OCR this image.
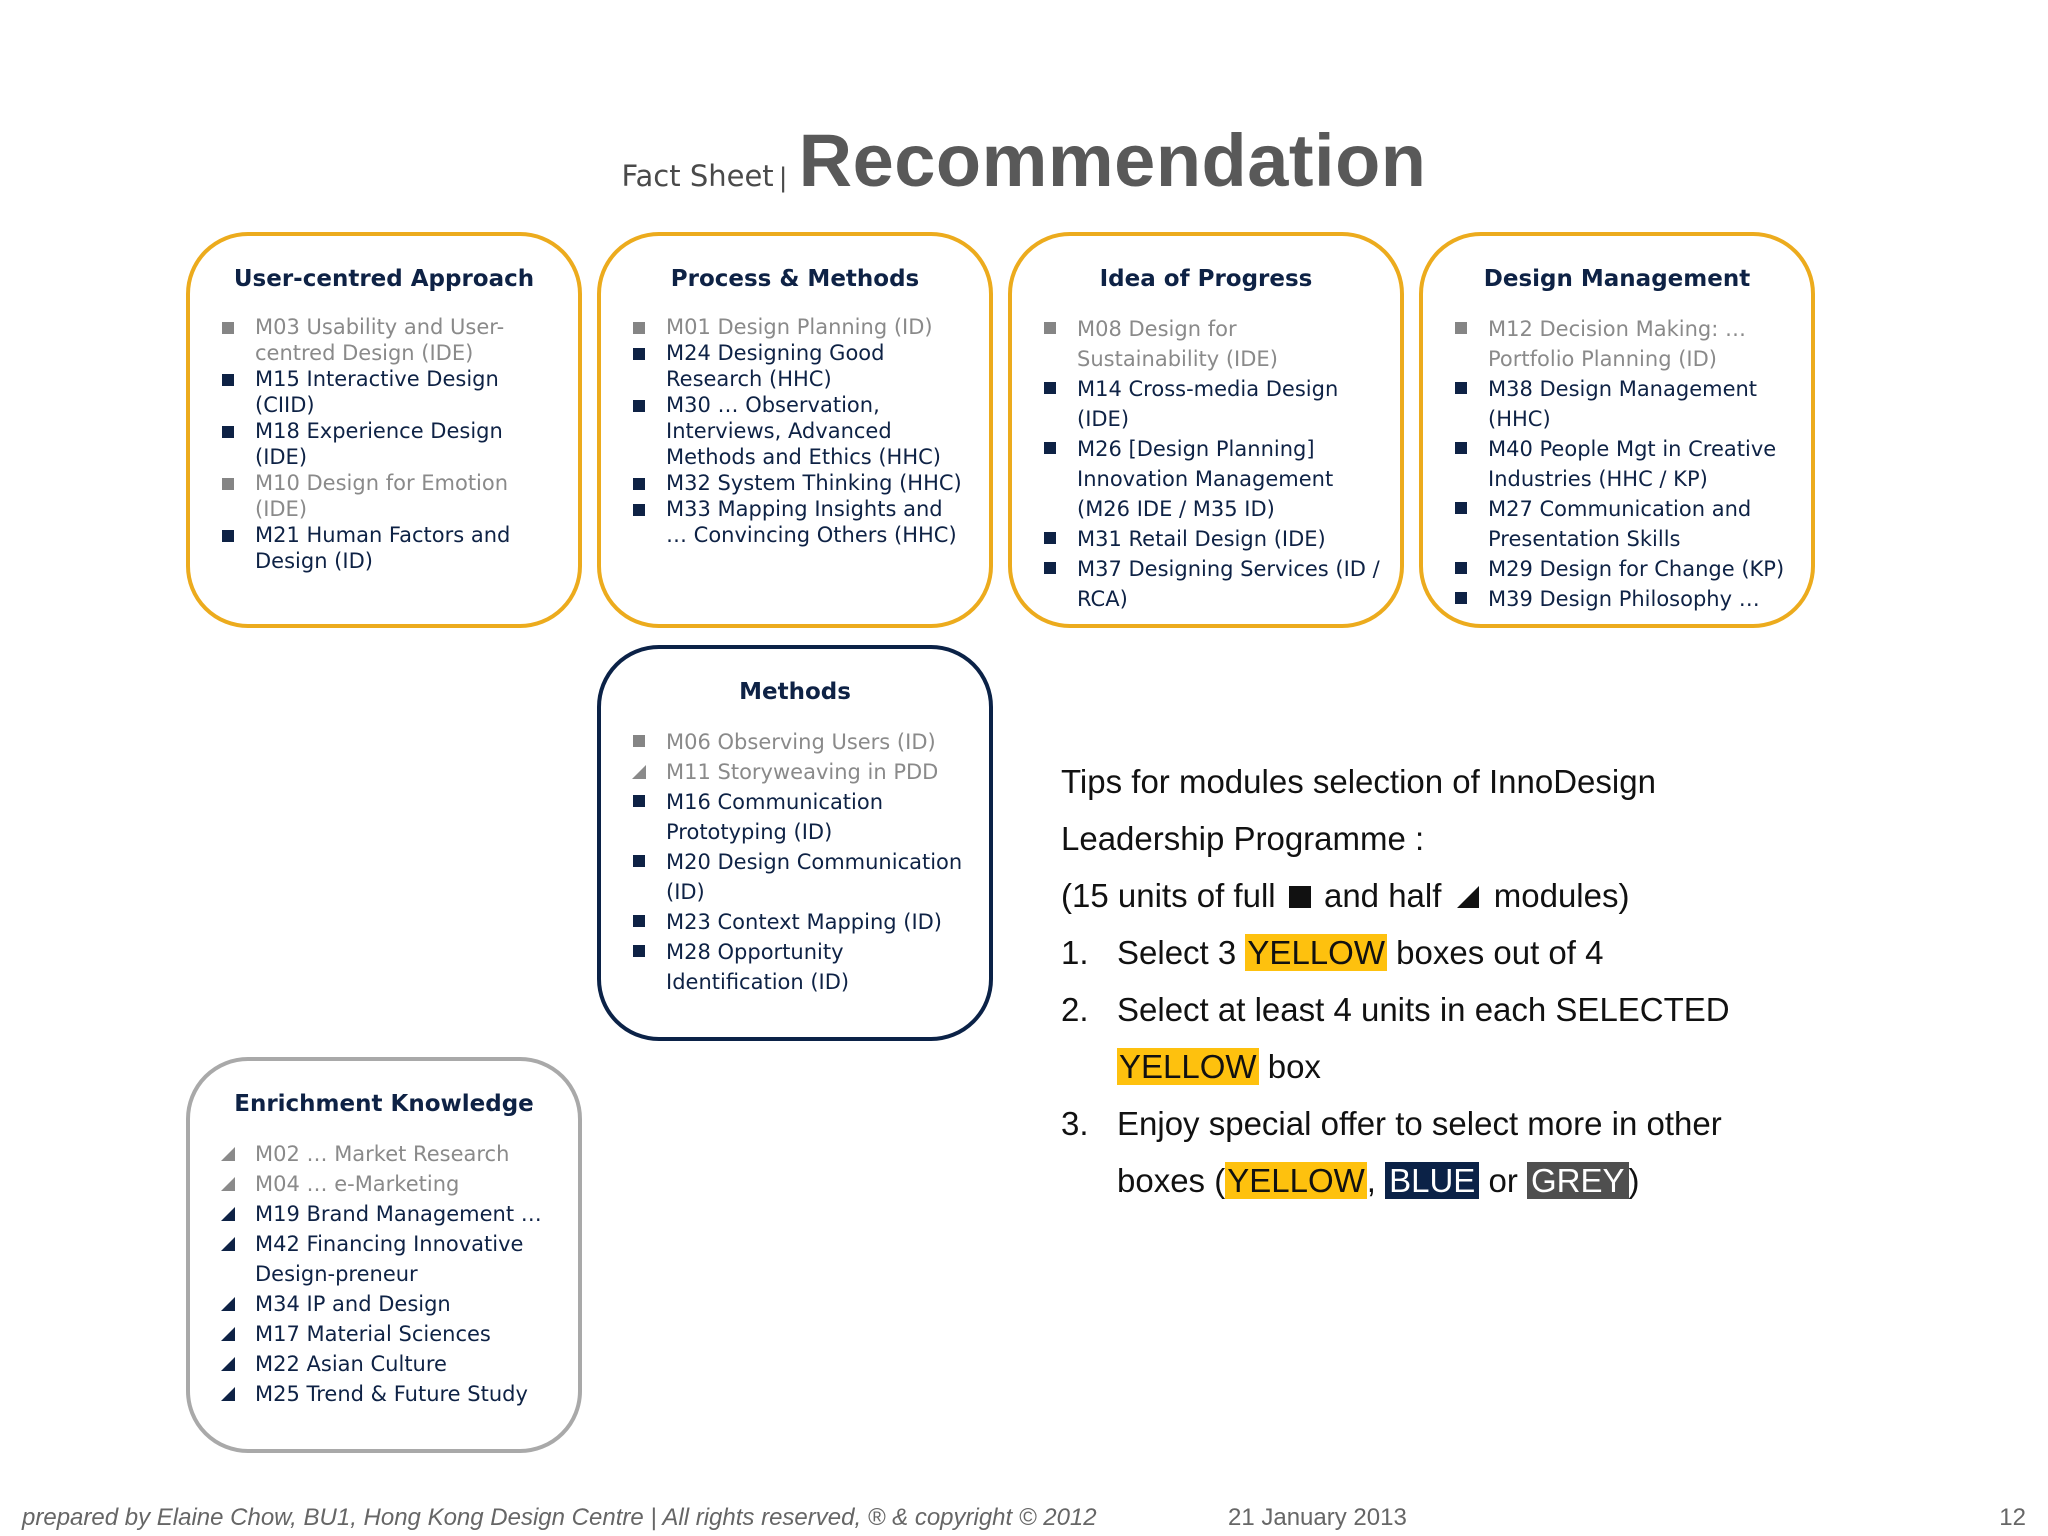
Fact Sheet | Recommendation
User-centred Approach
M03 Usability and User-centred Design (IDE)
M15 Interactive Design (CIID)
M18 Experience Design (IDE)
M10 Design for Emotion (IDE)
M21 Human Factors and Design (ID)
Process & Methods
M01 Design Planning (ID)
M24 Designing Good Research (HHC)
M30 … Observation, Interviews, Advanced Methods and Ethics (HHC)
M32 System Thinking (HHC)
M33 Mapping Insights and … Convincing Others (HHC)
Idea of Progress
M08 Design for Sustainability (IDE)
M14 Cross-media Design (IDE)
M26 [Design Planning] Innovation Management (M26 IDE / M35 ID)
M31 Retail Design (IDE)
M37 Designing Services (ID / RCA)
Design Management
M12 Decision Making: … Portfolio Planning (ID)
M38 Design Management (HHC)
M40 People Mgt in Creative Industries (HHC / KP)
M27 Communication and Presentation Skills
M29 Design for Change (KP)
M39 Design Philosophy …
Methods
M06 Observing Users (ID)
M11 Storyweaving in PDD
M16 Communication Prototyping (ID)
M20 Design Communication (ID)
M23 Context Mapping (ID)
M28 Opportunity Identification (ID)
Enrichment Knowledge
M02 … Market Research
M04 … e-Marketing
M19 Brand Management …
M42 Financing Innovative Design-preneur
M34 IP and Design
M17 Material Sciences
M22 Asian Culture
M25 Trend & Future Study
Tips for modules selection of InnoDesign
Leadership Programme :
(15 units of full and half modules)
1. Select 3 YELLOW boxes out of 4
2. Select at least 4 units in each SELECTED
YELLOW box
3. Enjoy special offer to select more in other
boxes (YELLOW, BLUE or GREY )
prepared by Elaine Chow, BU1, Hong Kong Design Centre | All rights reserved, ® & copyright © 2012	21 January 2013	12
